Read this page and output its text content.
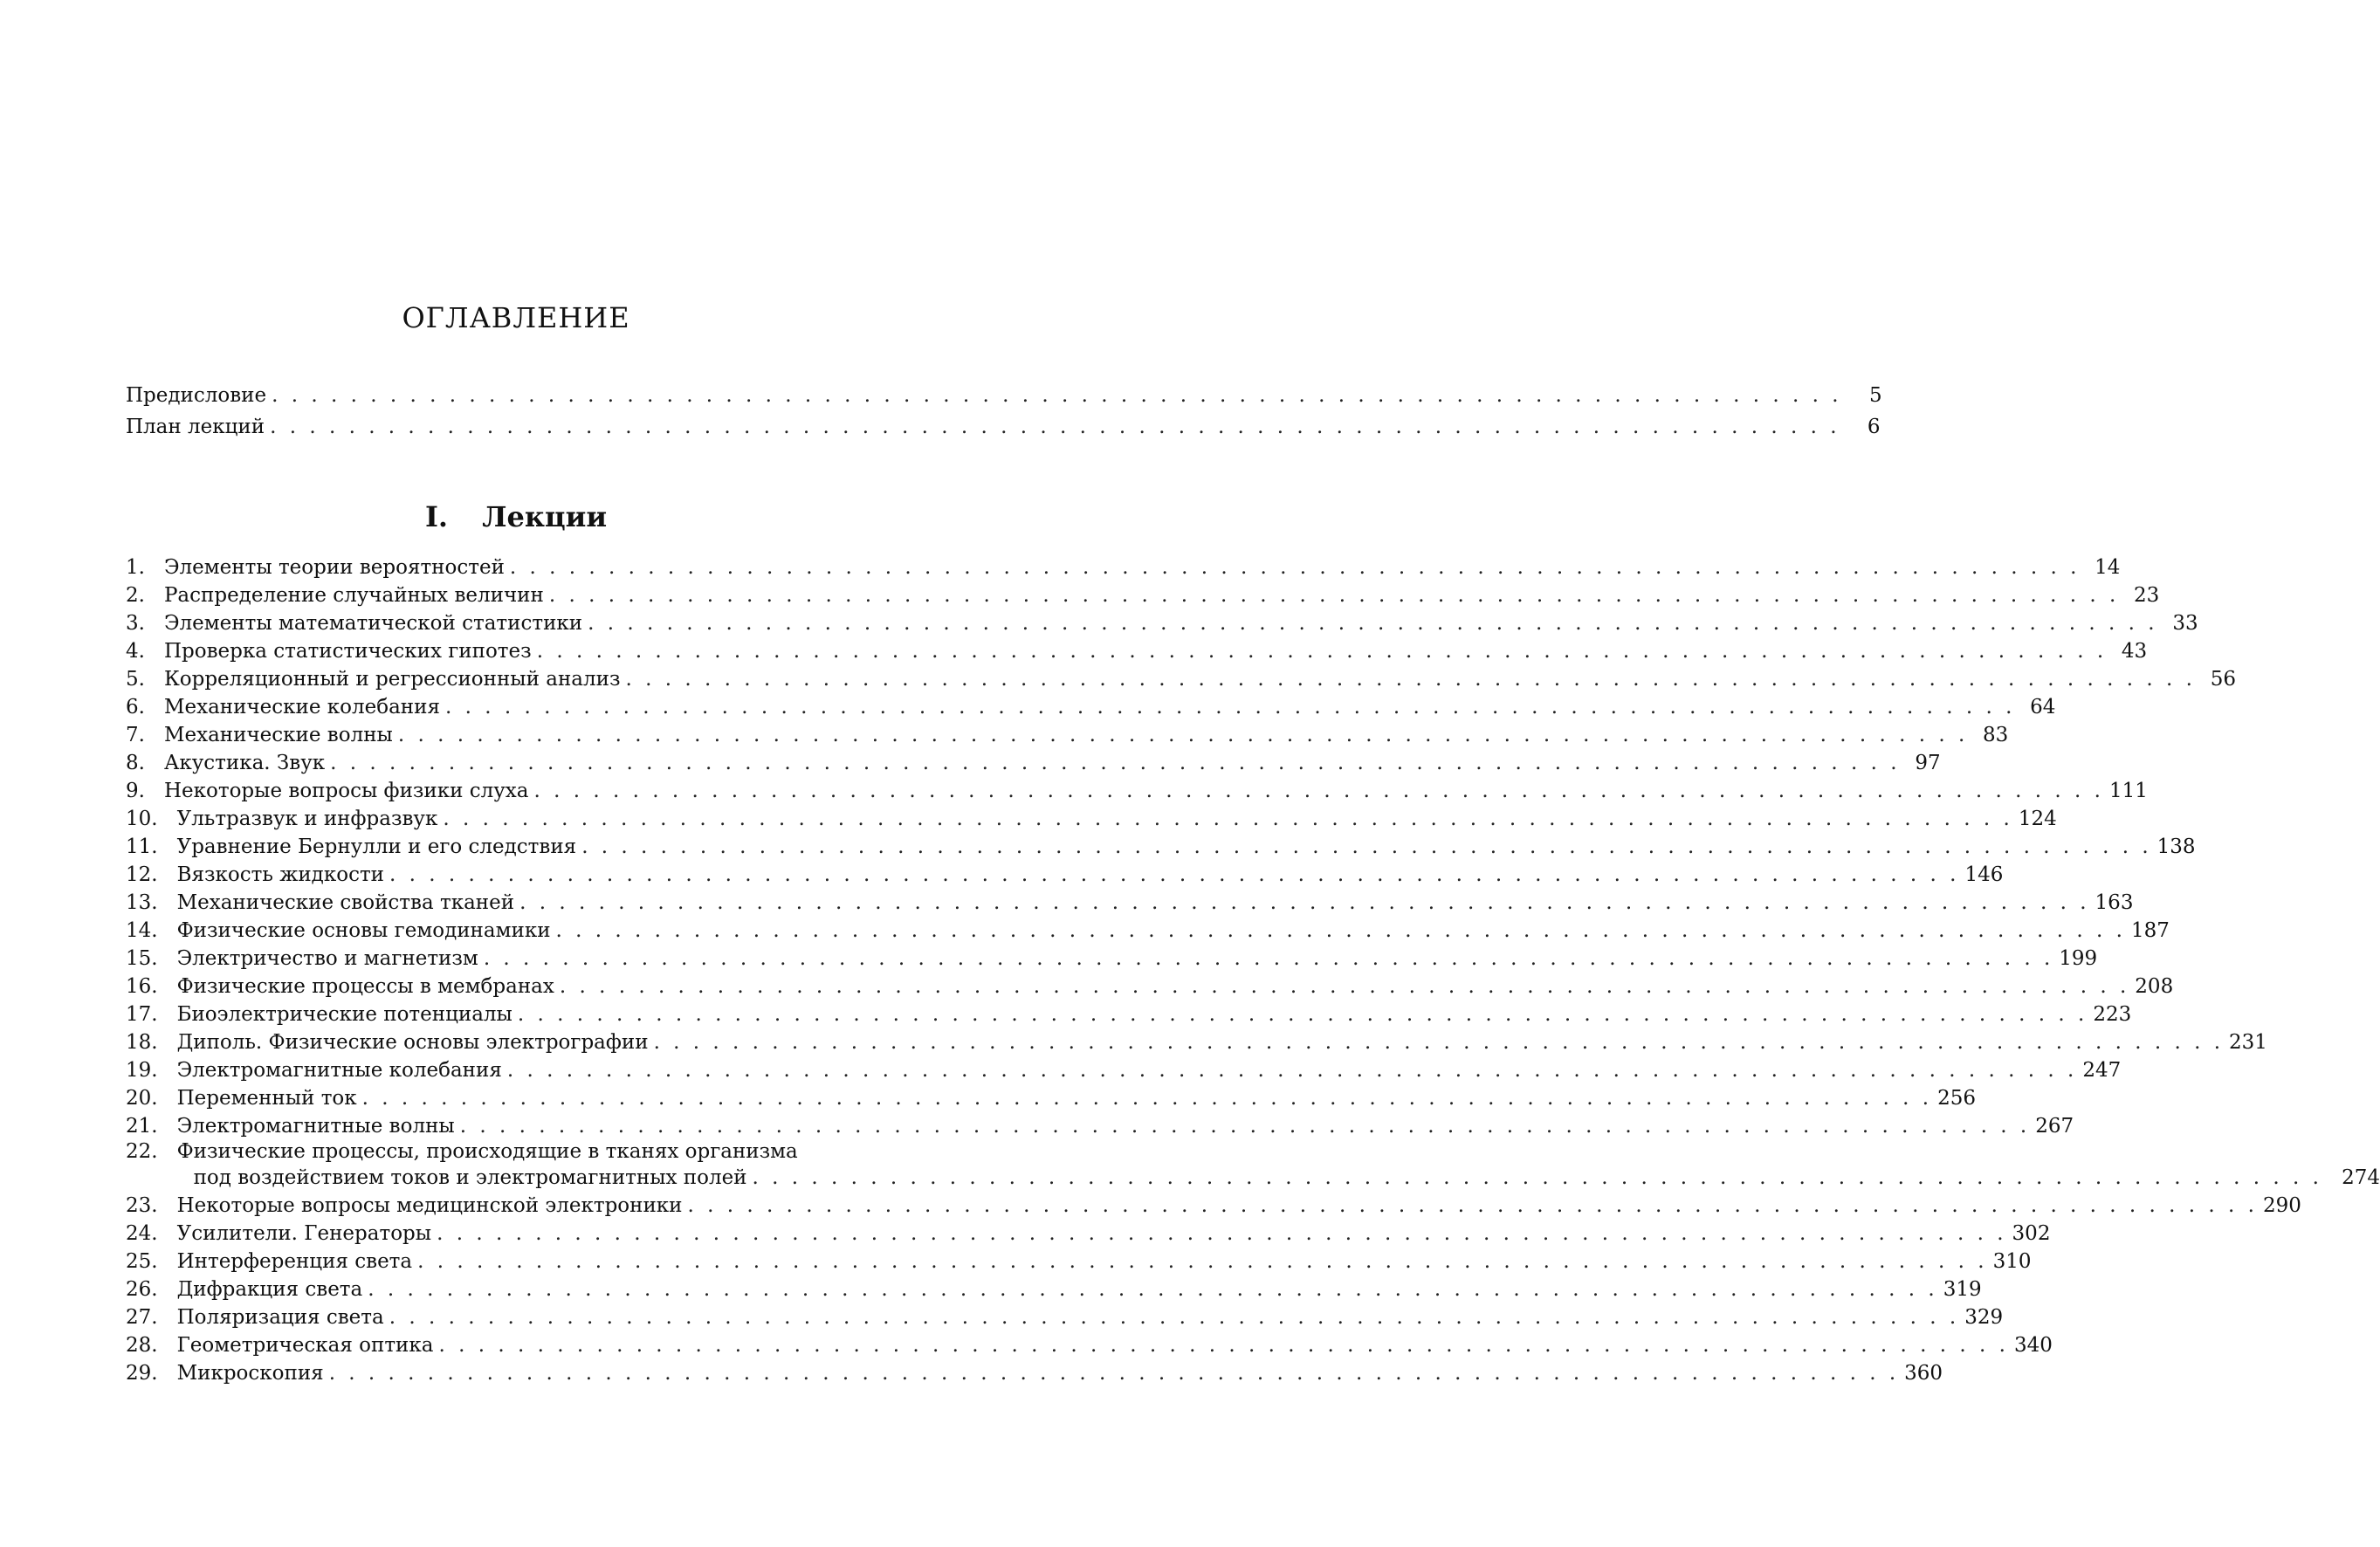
ОГЛАВЛЕНИЕ
Предисловие . . . . . . . . . . . . . . . . . . . . . . . . . . . . . . . . . . . . . . . . . . . . . . . . . . . . . . . . . . . . . . . . . . . . . . . . . . . . . . . .	5
План лекций . . . . . . . . . . . . . . . . . . . . . . . . . . . . . . . . . . . . . . . . . . . . . . . . . . . . . . . . . . . . . . . . . . . . . . . . . . . . . . . .	6
I. Лекции
1. Элементы теории вероятностей . . . . . . . . . . . . . . . . . . . . . . . . . . . . . . . . . . . . . . . . . . . . . . . . . . . . . . . . . . . . . . . . . . . . . . . . . . . . . . . . 14
2. Распределение случайных величин . . . . . . . . . . . . . . . . . . . . . . . . . . . . . . . . . . . . . . . . . . . . . . . . . . . . . . . . . . . . . . . . . . . . . . . . . . . . . . . . 23
3. Элементы математической статистики . . . . . . . . . . . . . . . . . . . . . . . . . . . . . . . . . . . . . . . . . . . . . . . . . . . . . . . . . . . . . . . . . . . . . . . . . . . . . . . . 33
4. Проверка статистических гипотез . . . . . . . . . . . . . . . . . . . . . . . . . . . . . . . . . . . . . . . . . . . . . . . . . . . . . . . . . . . . . . . . . . . . . . . . . . . . . . . . 43
5. Корреляционный и регрессионный анализ . . . . . . . . . . . . . . . . . . . . . . . . . . . . . . . . . . . . . . . . . . . . . . . . . . . . . . . . . . . . . . . . . . . . . . . . . . . . . . . . 56
6. Механические колебания . . . . . . . . . . . . . . . . . . . . . . . . . . . . . . . . . . . . . . . . . . . . . . . . . . . . . . . . . . . . . . . . . . . . . . . . . . . . . . . . 64
7. Механические волны . . . . . . . . . . . . . . . . . . . . . . . . . . . . . . . . . . . . . . . . . . . . . . . . . . . . . . . . . . . . . . . . . . . . . . . . . . . . . . . . 83
8. Акустика. Звук . . . . . . . . . . . . . . . . . . . . . . . . . . . . . . . . . . . . . . . . . . . . . . . . . . . . . . . . . . . . . . . . . . . . . . . . . . . . . . . . 97
9. Некоторые вопросы физики слуха . . . . . . . . . . . . . . . . . . . . . . . . . . . . . . . . . . . . . . . . . . . . . . . . . . . . . . . . . . . . . . . . . . . . . . . . . . . . . . . . 111
10. Ультразвук и инфразвук . . . . . . . . . . . . . . . . . . . . . . . . . . . . . . . . . . . . . . . . . . . . . . . . . . . . . . . . . . . . . . . . . . . . . . . . . . . . . . . . 124
11. Уравнение Бернулли и его следствия . . . . . . . . . . . . . . . . . . . . . . . . . . . . . . . . . . . . . . . . . . . . . . . . . . . . . . . . . . . . . . . . . . . . . . . . . . . . . . . . 138
12. Вязкость жидкости . . . . . . . . . . . . . . . . . . . . . . . . . . . . . . . . . . . . . . . . . . . . . . . . . . . . . . . . . . . . . . . . . . . . . . . . . . . . . . . . 146
13. Механические свойства тканей . . . . . . . . . . . . . . . . . . . . . . . . . . . . . . . . . . . . . . . . . . . . . . . . . . . . . . . . . . . . . . . . . . . . . . . . . . . . . . . . 163
14. Физические основы гемодинамики . . . . . . . . . . . . . . . . . . . . . . . . . . . . . . . . . . . . . . . . . . . . . . . . . . . . . . . . . . . . . . . . . . . . . . . . . . . . . . . . 187
15. Электричество и магнетизм . . . . . . . . . . . . . . . . . . . . . . . . . . . . . . . . . . . . . . . . . . . . . . . . . . . . . . . . . . . . . . . . . . . . . . . . . . . . . . . . 199
16. Физические процессы в мембранах . . . . . . . . . . . . . . . . . . . . . . . . . . . . . . . . . . . . . . . . . . . . . . . . . . . . . . . . . . . . . . . . . . . . . . . . . . . . . . . . 208
17. Биоэлектрические потенциалы . . . . . . . . . . . . . . . . . . . . . . . . . . . . . . . . . . . . . . . . . . . . . . . . . . . . . . . . . . . . . . . . . . . . . . . . . . . . . . . . 223
18. Диполь. Физические основы электрографии . . . . . . . . . . . . . . . . . . . . . . . . . . . . . . . . . . . . . . . . . . . . . . . . . . . . . . . . . . . . . . . . . . . . . . . . . . . . . . . . 231
19. Электромагнитные колебания . . . . . . . . . . . . . . . . . . . . . . . . . . . . . . . . . . . . . . . . . . . . . . . . . . . . . . . . . . . . . . . . . . . . . . . . . . . . . . . . 247
20. Переменный ток . . . . . . . . . . . . . . . . . . . . . . . . . . . . . . . . . . . . . . . . . . . . . . . . . . . . . . . . . . . . . . . . . . . . . . . . . . . . . . . . 256
21. Электромагнитные волны . . . . . . . . . . . . . . . . . . . . . . . . . . . . . . . . . . . . . . . . . . . . . . . . . . . . . . . . . . . . . . . . . . . . . . . . . . . . . . . . 267
22. Физические процессы, происходящие в тканях организма
под воздействием токов и электромагнитных полей . . . . . . . . . . . . . . . . . . . . . . . . . . . . . . . . . . . . . . . . . . . . . . . . . . . . . . . . . . . . . . . . . . . . . . . . . . . . . . . . 274
23. Некоторые вопросы медицинской электроники . . . . . . . . . . . . . . . . . . . . . . . . . . . . . . . . . . . . . . . . . . . . . . . . . . . . . . . . . . . . . . . . . . . . . . . . . . . . . . . . 290
24. Усилители. Генераторы . . . . . . . . . . . . . . . . . . . . . . . . . . . . . . . . . . . . . . . . . . . . . . . . . . . . . . . . . . . . . . . . . . . . . . . . . . . . . . . . 302
25. Интерференция света . . . . . . . . . . . . . . . . . . . . . . . . . . . . . . . . . . . . . . . . . . . . . . . . . . . . . . . . . . . . . . . . . . . . . . . . . . . . . . . . 310
26. Дифракция света . . . . . . . . . . . . . . . . . . . . . . . . . . . . . . . . . . . . . . . . . . . . . . . . . . . . . . . . . . . . . . . . . . . . . . . . . . . . . . . . 319
27. Поляризация света . . . . . . . . . . . . . . . . . . . . . . . . . . . . . . . . . . . . . . . . . . . . . . . . . . . . . . . . . . . . . . . . . . . . . . . . . . . . . . . . 329
28. Геометрическая оптика . . . . . . . . . . . . . . . . . . . . . . . . . . . . . . . . . . . . . . . . . . . . . . . . . . . . . . . . . . . . . . . . . . . . . . . . . . . . . . . . 340
29. Микроскопия . . . . . . . . . . . . . . . . . . . . . . . . . . . . . . . . . . . . . . . . . . . . . . . . . . . . . . . . . . . . . . . . . . . . . . . . . . . . . . . . 360
